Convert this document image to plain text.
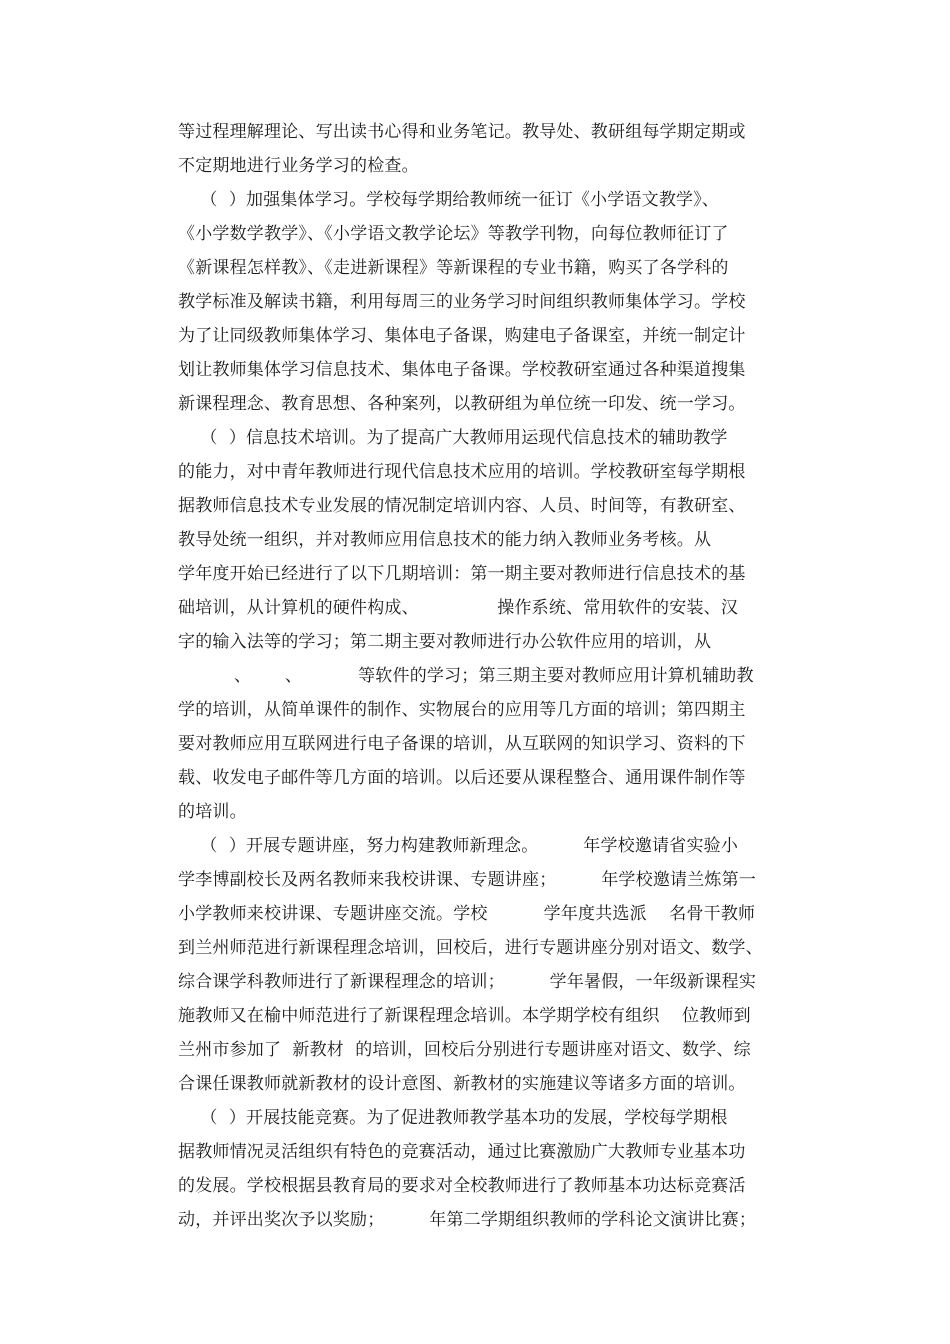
等过程理解理论、写出读书心得和业务笔记。教导处、教研组每学期定期或
不定期地进行业务学习的检查。
（  ）加强集体学习。学校每学期给教师统一征订《小学语文教学》、
《小学数学教学》、《小学语文教学论坛》等教学刊物，向每位教师征订了
《新课程怎样教》、《走进新课程》等新课程的专业书籍，购买了各学科的
教学标准及解读书籍，利用每周三的业务学习时间组织教师集体学习。学校
为了让同级教师集体学习、集体电子备课，购建电子备课室，并统一制定计
划让教师集体学习信息技术、集体电子备课。学校教研室通过各种渠道搜集
新课程理念、教育思想、各种案列，以教研组为单位统一印发、统一学习。
（  ）信息技术培训。为了提高广大教师用运现代信息技术的辅助教学
的能力，对中青年教师进行现代信息技术应用的培训。学校教研室每学期根
据教师信息技术专业发展的情况制定培训内容、人员、时间等，有教研室、
教导处统一组织，并对教师应用信息技术的能力纳入教师业务考核。从
学年度开始已经进行了以下几期培训：第一期主要对教师进行信息技术的基
础培训，从计算机的硬件构成、              操作系统、常用软件的安装、汉
字的输入法等的学习；第二期主要对教师进行办公软件应用的培训，从
、      、          等软件的学习；第三期主要对教师应用计算机辅助教
学的培训，从简单课件的制作、实物展台的应用等几方面的培训；第四期主
要对教师应用互联网进行电子备课的培训，从互联网的知识学习、资料的下
载、收发电子邮件等几方面的培训。以后还要从课程整合、通用课件制作等
的培训。
（  ）开展专题讲座，努力构建教师新理念。        年学校邀请省实验小
学李博副校长及两名教师来我校讲课、专题讲座；        年学校邀请兰炼第一
小学教师来校讲课、专题讲座交流。学校          学年度共选派    名骨干教师
到兰州师范进行新课程理念培训，回校后，进行专题讲座分别对语文、数学、
综合课学科教师进行了新课程理念的培训；        学年暑假，一年级新课程实
施教师又在榆中师范进行了新课程理念培训。本学期学校有组织    位教师到
兰州市参加了  新教材  的培训，回校后分别进行专题讲座对语文、数学、综
合课任课教师就新教材的设计意图、新教材的实施建议等诸多方面的培训。
（  ）开展技能竞赛。为了促进教师教学基本功的发展，学校每学期根
据教师情况灵活组织有特色的竞赛活动，通过比赛激励广大教师专业基本功
的发展。学校根据县教育局的要求对全校教师进行了教师基本功达标竞赛活
动，并评出奖次予以奖励；        年第二学期组织教师的学科论文演讲比赛；
